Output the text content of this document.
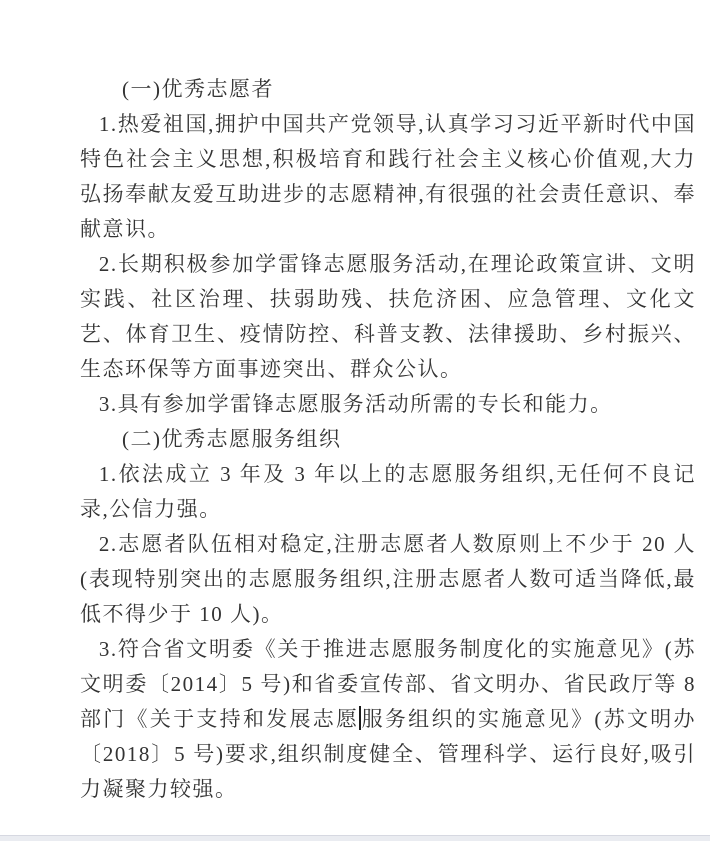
(一)优秀志愿者

1.热爱祖国,拥护中国共产党领导,认真学习习近平新时代中国特色社会主义思想,积极培育和践行社会主义核心价值观,大力弘扬奉献友爱互助进步的志愿精神,有很强的社会责任意识、奉献意识。

2.长期积极参加学雷锋志愿服务活动,在理论政策宣讲、文明实践、社区治理、扶弱助残、扶危济困、应急管理、文化文艺、体育卫生、疫情防控、科普支教、法律援助、乡村振兴、生态环保等方面事迹突出、群众公认。

3.具有参加学雷锋志愿服务活动所需的专长和能力。

(二)优秀志愿服务组织

1.依法成立 3 年及 3 年以上的志愿服务组织,无任何不良记录,公信力强。

2.志愿者队伍相对稳定,注册志愿者人数原则上不少于 20 人(表现特别突出的志愿服务组织,注册志愿者人数可适当降低,最低不得少于 10 人)。

3.符合省文明委《关于推进志愿服务制度化的实施意见》(苏文明委〔2014〕5 号)和省委宣传部、省文明办、省民政厅等 8 部门《关于支持和发展志愿服务组织的实施意见》(苏文明办〔2018〕5 号)要求,组织制度健全、管理科学、运行良好,吸引力凝聚力较强。
